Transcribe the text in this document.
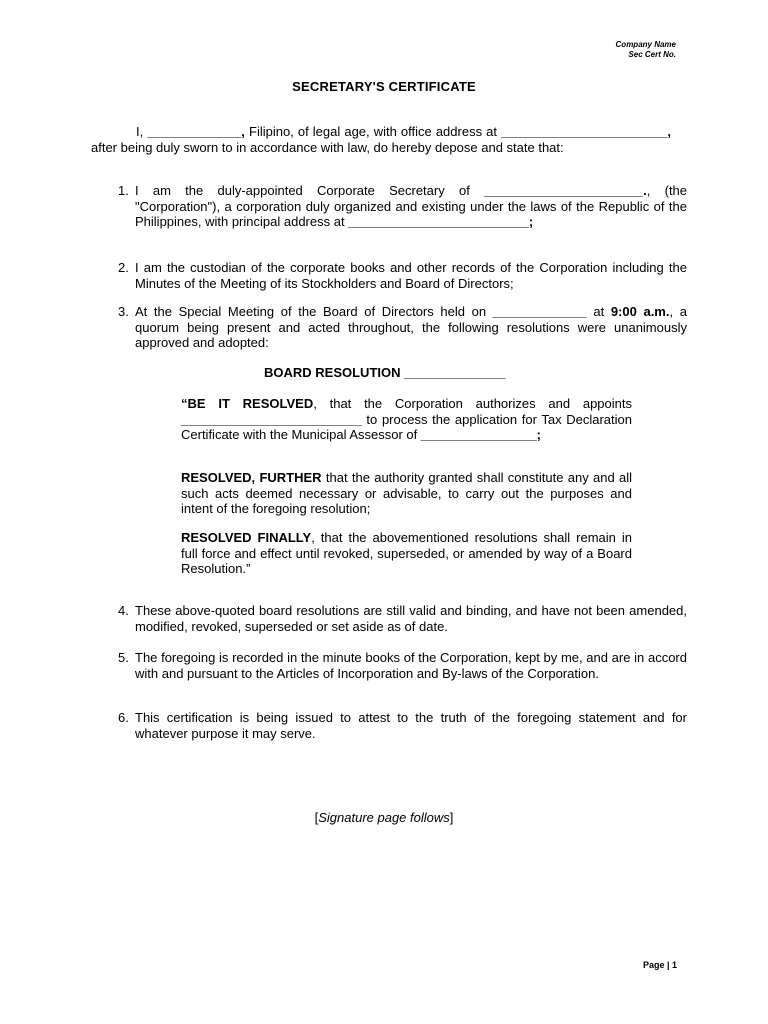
Company Name
Sec Cert No.
SECRETARY'S CERTIFICATE
I, _____________, Filipino, of legal age, with office address at _______________________, after being duly sworn to in accordance with law, do hereby depose and state that:
1. I am the duly-appointed Corporate Secretary of ______________________., (the "Corporation"), a corporation duly organized and existing under the laws of the Republic of the Philippines, with principal address at _________________________;
2. I am the custodian of the corporate books and other records of the Corporation including the Minutes of the Meeting of its Stockholders and Board of Directors;
3. At the Special Meeting of the Board of Directors held on _____________ at 9:00 a.m., a quorum being present and acted throughout, the following resolutions were unanimously approved and adopted:
BOARD RESOLUTION ______________
“BE IT RESOLVED, that the Corporation authorizes and appoints _________________________ to process the application for Tax Declaration Certificate with the Municipal Assessor of ________________;
RESOLVED, FURTHER that the authority granted shall constitute any and all such acts deemed necessary or advisable, to carry out the purposes and intent of the foregoing resolution;
RESOLVED FINALLY, that the abovementioned resolutions shall remain in full force and effect until revoked, superseded, or amended by way of a Board Resolution.”
4. These above-quoted board resolutions are still valid and binding, and have not been amended, modified, revoked, superseded or set aside as of date.
5. The foregoing is recorded in the minute books of the Corporation, kept by me, and are in accord with and pursuant to the Articles of Incorporation and By-laws of the Corporation.
6. This certification is being issued to attest to the truth of the foregoing statement and for whatever purpose it may serve.
[Signature page follows]
Page | 1
